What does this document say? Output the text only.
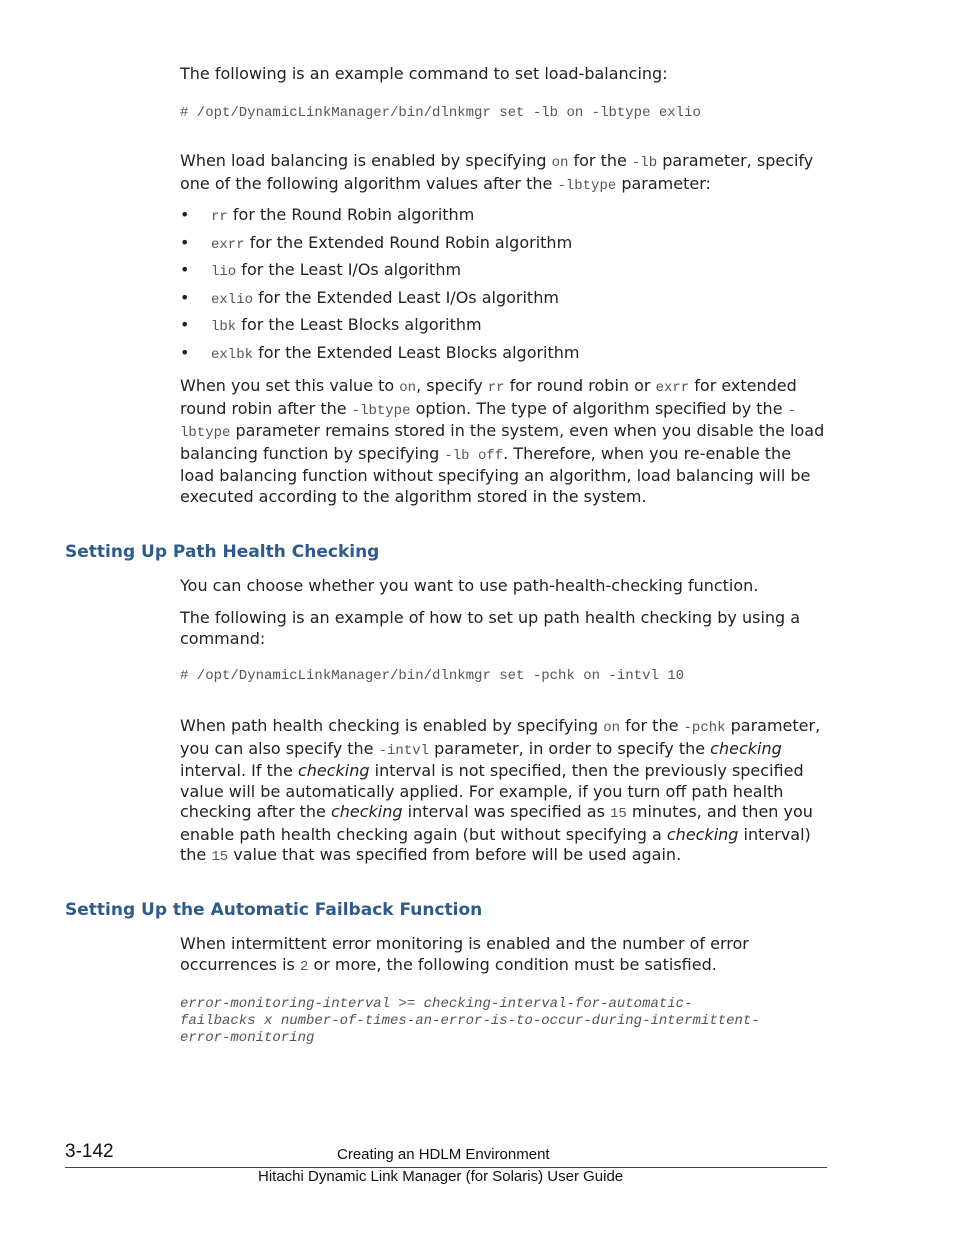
The following is an example command to set load-balancing:

# /opt/DynamicLinkManager/bin/dlnkmgr set -lb on -lbtype exlio

When load balancing is enabled by specifying on for the -lb parameter, specify one of the following algorithm values after the -lbtype parameter:

• rr for the Round Robin algorithm
• exrr for the Extended Round Robin algorithm
• lio for the Least I/Os algorithm
• exlio for the Extended Least I/Os algorithm
• lbk for the Least Blocks algorithm
• exlbk for the Extended Least Blocks algorithm

When you set this value to on, specify rr for round robin or exrr for extended round robin after the -lbtype option. The type of algorithm specified by the -lbtype parameter remains stored in the system, even when you disable the load balancing function by specifying -lb off. Therefore, when you re-enable the load balancing function without specifying an algorithm, load balancing will be executed according to the algorithm stored in the system.

Setting Up Path Health Checking

You can choose whether you want to use path-health-checking function.

The following is an example of how to set up path health checking by using a command:

# /opt/DynamicLinkManager/bin/dlnkmgr set -pchk on -intvl 10

When path health checking is enabled by specifying on for the -pchk parameter, you can also specify the -intvl parameter, in order to specify the checking interval. If the checking interval is not specified, then the previously specified value will be automatically applied. For example, if you turn off path health checking after the checking interval was specified as 15 minutes, and then you enable path health checking again (but without specifying a checking interval) the 15 value that was specified from before will be used again.

Setting Up the Automatic Failback Function

When intermittent error monitoring is enabled and the number of error occurrences is 2 or more, the following condition must be satisfied.

error-monitoring-interval >= checking-interval-for-automatic-
failbacks x number-of-times-an-error-is-to-occur-during-intermittent-
error-monitoring
3-142	Creating an HDLM Environment
Hitachi Dynamic Link Manager (for Solaris) User Guide
